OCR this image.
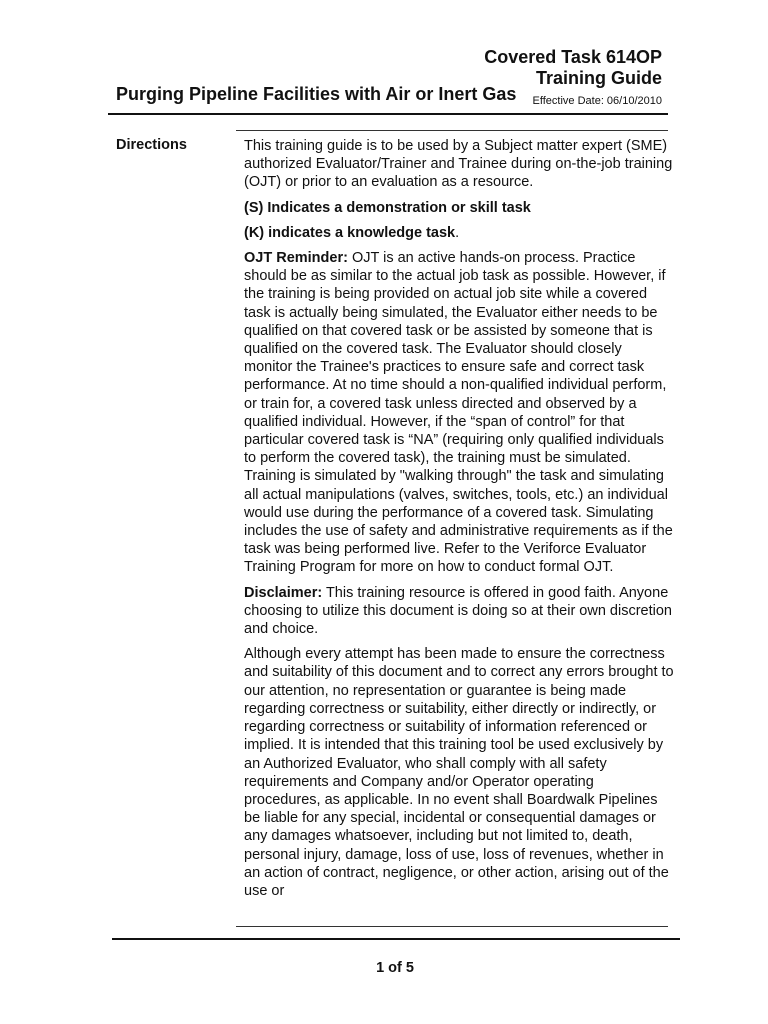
Covered Task 614OP
Training Guide
Purging Pipeline Facilities with Air or Inert Gas Effective Date: 06/10/2010
Directions	This training guide is to be used by a Subject matter expert (SME) authorized Evaluator/Trainer and Trainee during on-the-job training (OJT) or prior to an evaluation as a resource.

(S) Indicates a demonstration or skill task

(K) indicates a knowledge task.

OJT Reminder: OJT is an active hands-on process. Practice should be as similar to the actual job task as possible. However, if the training is being provided on actual job site while a covered task is actually being simulated, the Evaluator either needs to be qualified on that covered task or be assisted by someone that is qualified on the covered task. The Evaluator should closely monitor the Trainee's practices to ensure safe and correct task performance. At no time should a non-qualified individual perform, or train for, a covered task unless directed and observed by a qualified individual. However, if the “span of control” for that particular covered task is “NA” (requiring only qualified individuals to perform the covered task), the training must be simulated. Training is simulated by "walking through" the task and simulating all actual manipulations (valves, switches, tools, etc.) an individual would use during the performance of a covered task. Simulating includes the use of safety and administrative requirements as if the task was being performed live. Refer to the Veriforce Evaluator Training Program for more on how to conduct formal OJT.

Disclaimer: This training resource is offered in good faith. Anyone choosing to utilize this document is doing so at their own discretion and choice.

Although every attempt has been made to ensure the correctness and suitability of this document and to correct any errors brought to our attention, no representation or guarantee is being made regarding correctness or suitability, either directly or indirectly, or regarding correctness or suitability of information referenced or implied. It is intended that this training tool be used exclusively by an Authorized Evaluator, who shall comply with all safety requirements and Company and/or Operator operating procedures, as applicable. In no event shall Boardwalk Pipelines be liable for any special, incidental or consequential damages or any damages whatsoever, including but not limited to, death, personal injury, damage, loss of use, loss of revenues, whether in an action of contract, negligence, or other action, arising out of the use or

1 of 5
